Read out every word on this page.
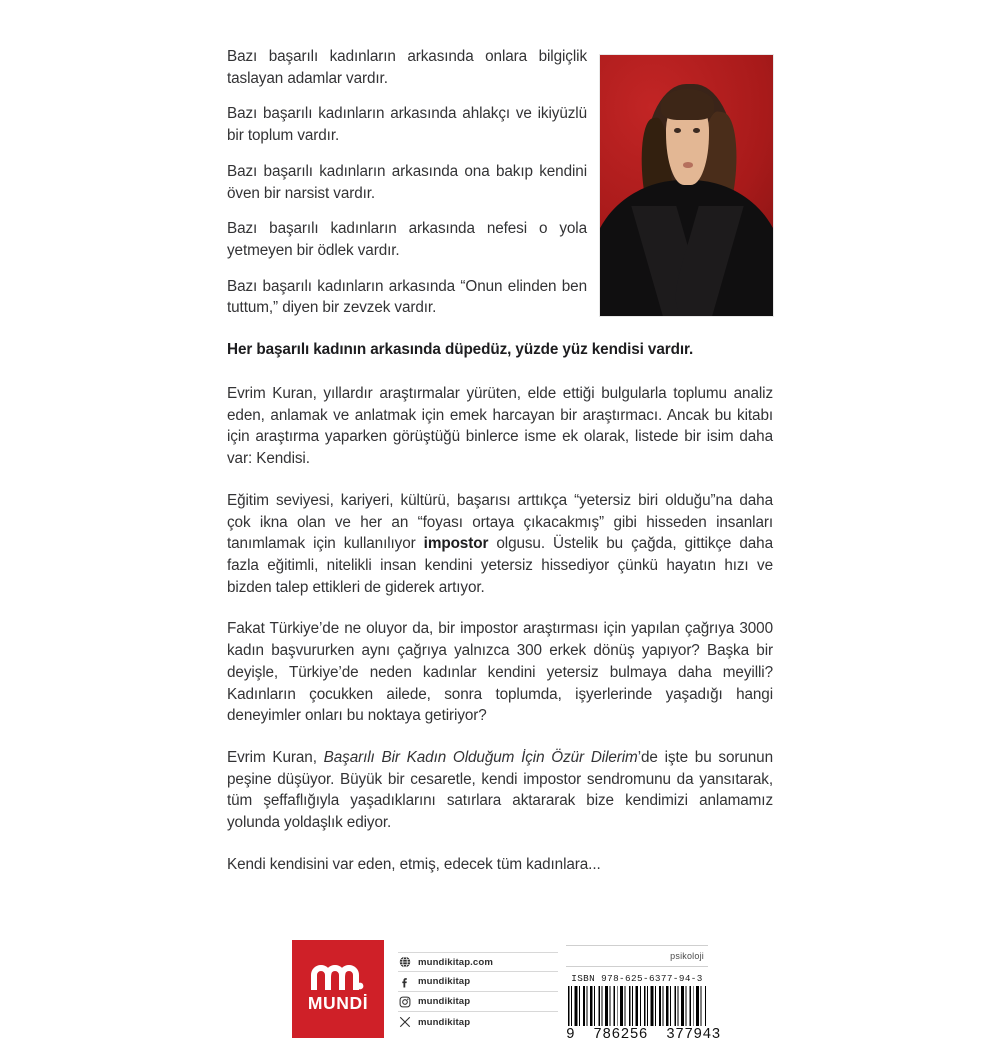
Bazı başarılı kadınların arkasında onlara bilgiçlik taslayan adamlar vardır.

Bazı başarılı kadınların arkasında ahlakçı ve ikiyüzlü bir toplum vardır.

Bazı başarılı kadınların arkasında ona bakıp kendini öven bir narsist vardır.

Bazı başarılı kadınların arkasında nefesi o yola yetmeyen bir ödlek vardır.

Bazı başarılı kadınların arkasında “Onun elinden ben tuttum,” diyen bir zevzek vardır.

Her başarılı kadının arkasında düpedüz, yüzde yüz kendisi vardır.

Evrim Kuran, yıllardır araştırmalar yürüten, elde ettiği bulgularla toplumu analiz eden, anlamak ve anlatmak için emek harcayan bir araştırmacı. Ancak bu kitabı için araştırma yaparken görüştüğü binlerce isme ek olarak, listede bir isim daha var: Kendisi.

Eğitim seviyesi, kariyeri, kültürü, başarısı arttıkça “yetersiz biri olduğu”na daha çok ikna olan ve her an “foyası ortaya çıkacakmış” gibi hisseden insanları tanımlamak için kullanılıyor impostor olgusu. Üstelik bu çağda, gittikçe daha fazla eğitimli, nitelikli insan kendini yetersiz hissediyor çünkü hayatın hızı ve bizden talep ettikleri de giderek artıyor.

Fakat Türkiye’de ne oluyor da, bir impostor araştırması için yapılan çağrıya 3000 kadın başvururken aynı çağrıya yalnızca 300 erkek dönüş yapıyor? Başka bir deyişle, Türkiye’de neden kadınlar kendini yetersiz bulmaya daha meyilli? Kadınların çocukken ailede, sonra toplumda, işyerlerinde yaşadığı hangi deneyimler onları bu noktaya getiriyor?

Evrim Kuran, Başarılı Bir Kadın Olduğum İçin Özür Dilerim’de işte bu sorunun peşine düşüyor. Büyük bir cesaretle, kendi impostor sendromunu da yansıtarak, tüm şeffaflığıyla yaşadıklarını satırlara aktararak bize kendimizi anlamamız yolunda yoldaşlık ediyor.

Kendi kendisini var eden, etmiş, edecek tüm kadınlara...

MUNDİ
mundikitap.com
mundikitap
mundikitap
mundikitap
psikoloji
ISBN 978-625-6377-94-3
9  786256  377943
